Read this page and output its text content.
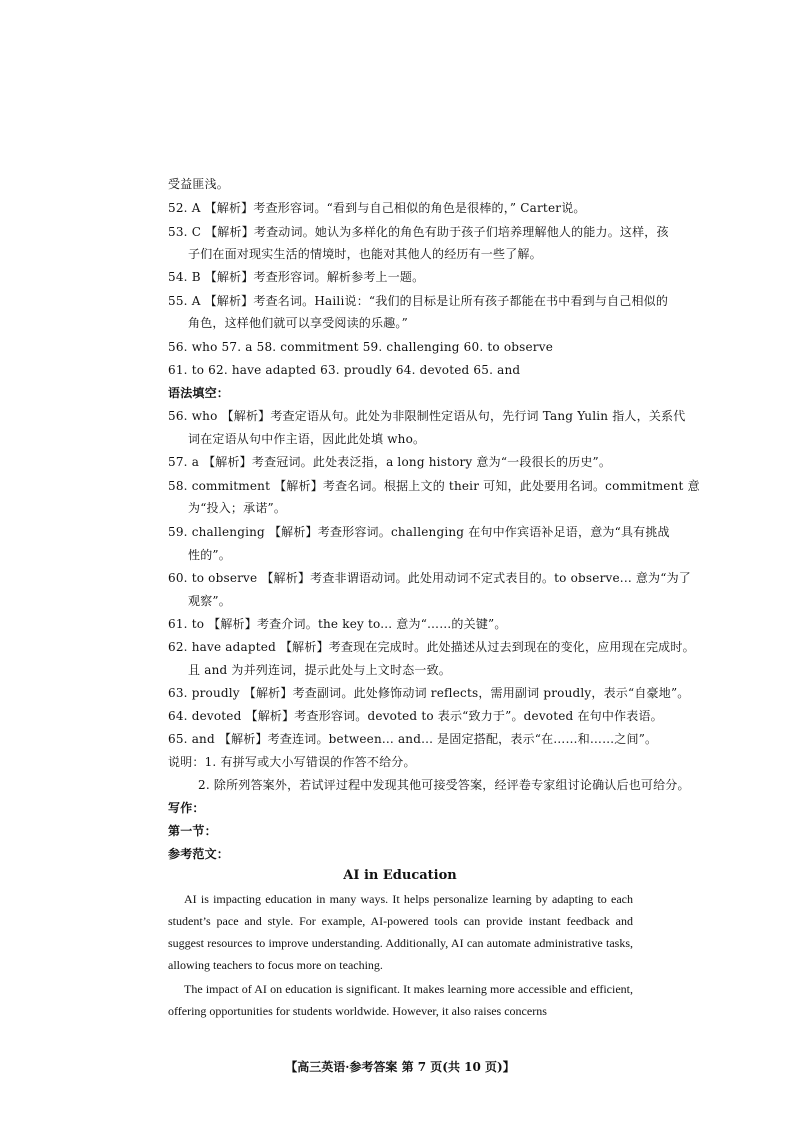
受益匪浅。
52. A 【解析】考查形容词。“看到与自己相似的角色是很棒的，” Carter说。
53. C 【解析】考查动词。她认为多样化的角色有助于孩子们培养理解他人的能力。这样，孩
子们在面对现实生活的情境时，也能对其他人的经历有一些了解。
54. B 【解析】考查形容词。解析参考上一题。
55. A 【解析】考查名词。Haili说：“我们的目标是让所有孩子都能在书中看到与自己相似的
角色，这样他们就可以享受阅读的乐趣。”
56. who 57. a 58. commitment 59. challenging 60. to observe
61. to 62. have adapted 63. proudly 64. devoted 65. and
语法填空：
56. who 【解析】考查定语从句。此处为非限制性定语从句，先行词 Tang Yulin 指人，关系代
词在定语从句中作主语，因此此处填 who。
57. a 【解析】考查冠词。此处表泛指，a long history 意为“一段很长的历史”。
58. commitment 【解析】考查名词。根据上文的 their 可知，此处要用名词。commitment 意
为“投入；承诺”。
59. challenging 【解析】考查形容词。challenging 在句中作宾语补足语，意为“具有挑战
性的”。
60. to observe 【解析】考查非谓语动词。此处用动词不定式表目的。to observe... 意为“为了
观察”。
61. to 【解析】考查介词。the key to... 意为“……的关键”。
62. have adapted 【解析】考查现在完成时。此处描述从过去到现在的变化，应用现在完成时。
且 and 为并列连词，提示此处与上文时态一致。
63. proudly 【解析】考查副词。此处修饰动词 reflects，需用副词 proudly，表示“自豪地”。
64. devoted 【解析】考查形容词。devoted to 表示“致力于”。devoted 在句中作表语。
65. and 【解析】考查连词。between... and... 是固定搭配，表示“在……和……之间”。
说明：1. 有拼写或大小写错误的作答不给分。
2. 除所列答案外，若试评过程中发现其他可接受答案，经评卷专家组讨论确认后也可给分。
写作：
第一节：
参考范文：
AI in Education
AI is impacting education in many ways. It helps personalize learning by adapting to each student’s pace and style. For example, AI-powered tools can provide instant feedback and suggest resources to improve understanding. Additionally, AI can automate administrative tasks, allowing teachers to focus more on teaching.
The impact of AI on education is significant. It makes learning more accessible and efficient, offering opportunities for students worldwide. However, it also raises concerns
【高三英语·参考答案 第 7 页(共 10 页)】
